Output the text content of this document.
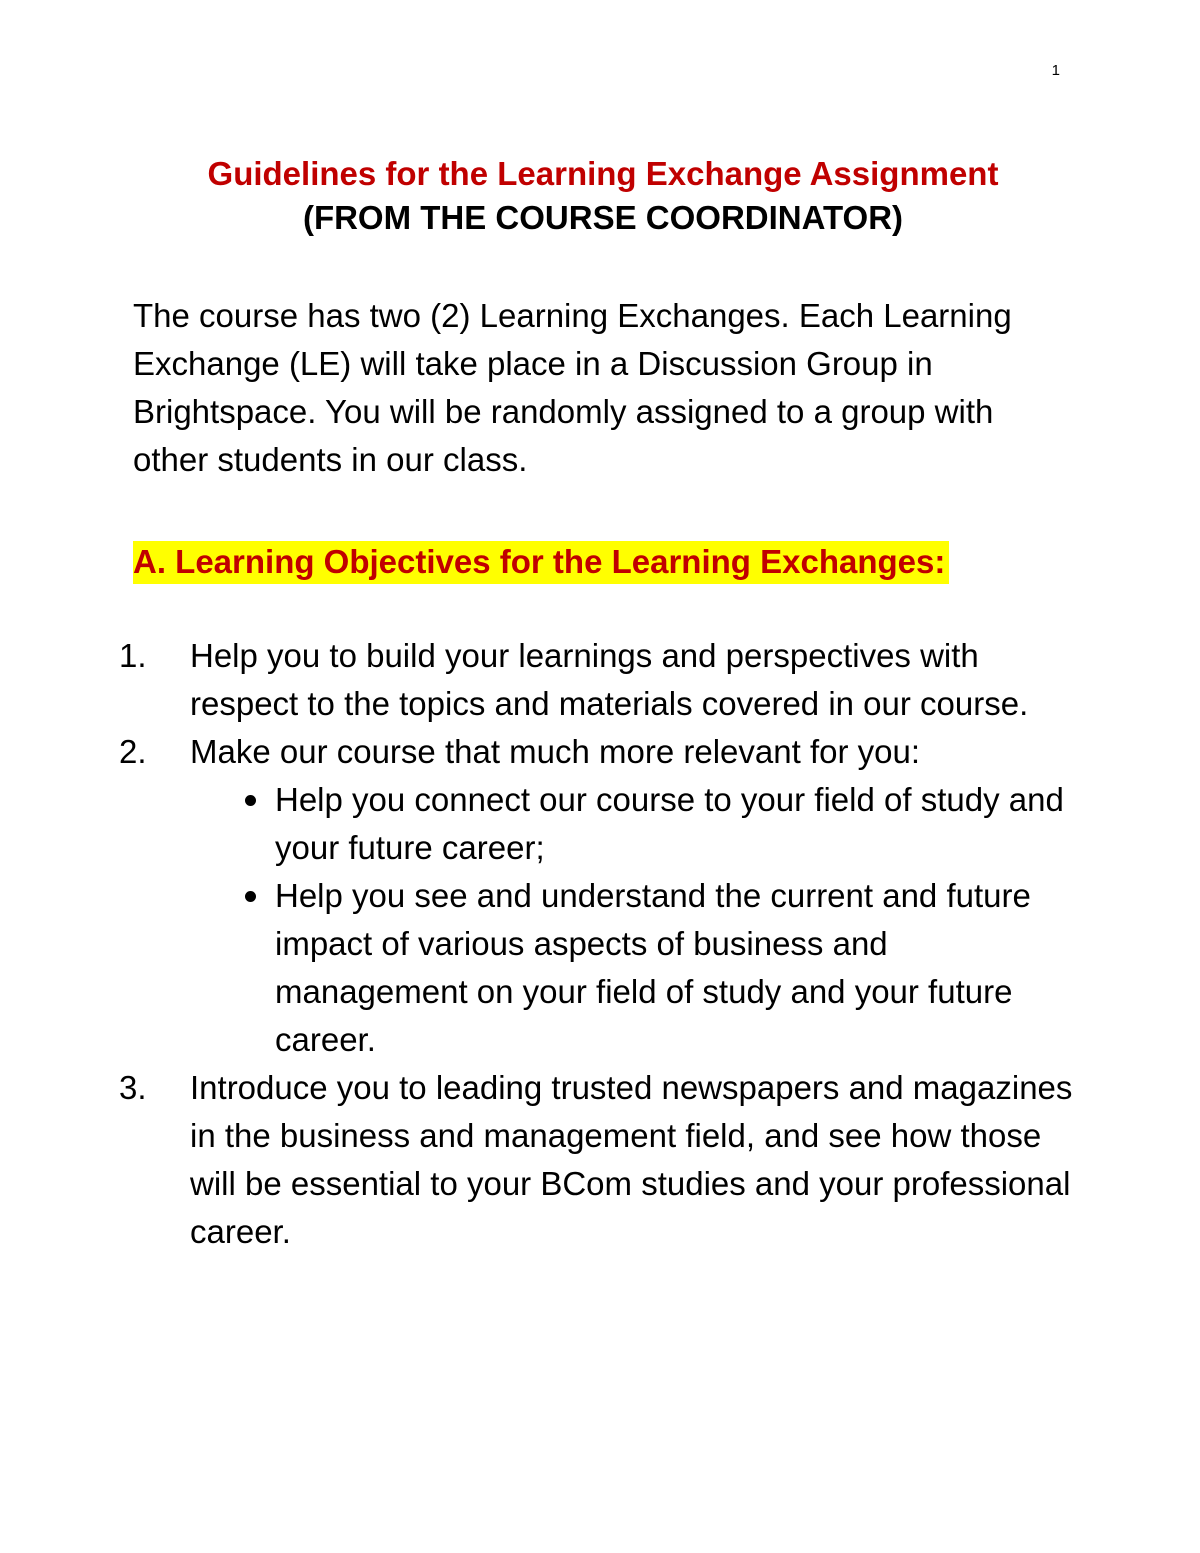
1
Guidelines for the Learning Exchange Assignment
(FROM THE COURSE COORDINATOR)

The course has two (2) Learning Exchanges. Each Learning Exchange (LE) will take place in a Discussion Group in Brightspace. You will be randomly assigned to a group with other students in our class.

A. Learning Objectives for the Learning Exchanges:
1. Help you to build your learnings and perspectives with respect to the topics and materials covered in our course.
2. Make our course that much more relevant for you:
Help you connect our course to your field of study and your future career;
Help you see and understand the current and future impact of various aspects of business and management on your field of study and your future career.
3. Introduce you to leading trusted newspapers and magazines in the business and management field, and see how those will be essential to your BCom studies and your professional career.
